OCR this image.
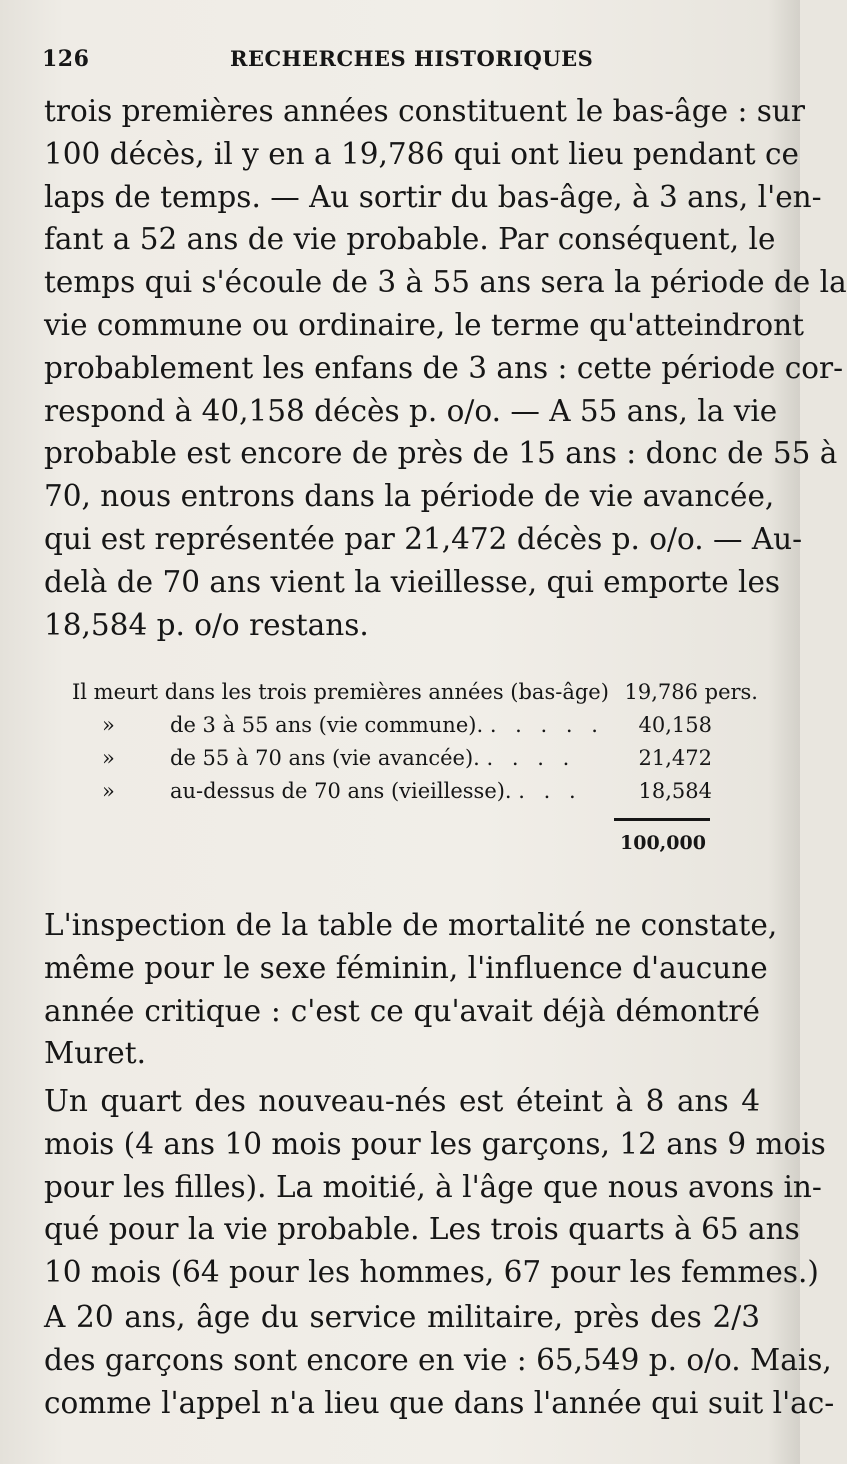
126	RECHERCHES HISTORIQUES
trois premières années constituent le bas-âge : sur
100 décès, il y en a 19,786 qui ont lieu pendant ce
laps de temps. — Au sortir du bas-âge, à 3 ans, l'en-
fant a 52 ans de vie probable. Par conséquent, le
temps qui s'écoule de 3 à 55 ans sera la période de la
vie commune ou ordinaire, le terme qu'atteindront
probablement les enfans de 3 ans : cette période cor-
respond à 40,158 décès p. o/o. — A 55 ans, la vie
probable est encore de près de 15 ans : donc de 55 à
70, nous entrons dans la période de vie avancée,
qui est représentée par 21,472 décès p. o/o. — Au-
delà de 70 ans vient la vieillesse, qui emporte les
18,584 p. o/o restans.
Il meurt dans les trois premières années (bas-âge) 19,786 pers.
»	de 3 à 55 ans (vie commune). . . . . . 40,158
»	de 55 à 70 ans (vie avancée). . . . .	21,472
»	au-dessus de 70 ans (vieillesse). . . .	18,584
100,000
L'inspection de la table de mortalité ne constate,
même pour le sexe féminin, l'influence d'aucune
année critique : c'est ce qu'avait déjà démontré
Muret.
Un quart des nouveau-nés est éteint à 8 ans 4
mois (4 ans 10 mois pour les garçons, 12 ans 9 mois
pour les filles). La moitié, à l'âge que nous avons in-
qué pour la vie probable. Les trois quarts à 65 ans
10 mois (64 pour les hommes, 67 pour les femmes.)
A 20 ans, âge du service militaire, près des 2/3
des garçons sont encore en vie : 65,549 p. o/o. Mais,
comme l'appel n'a lieu que dans l'année qui suit l'ac-
